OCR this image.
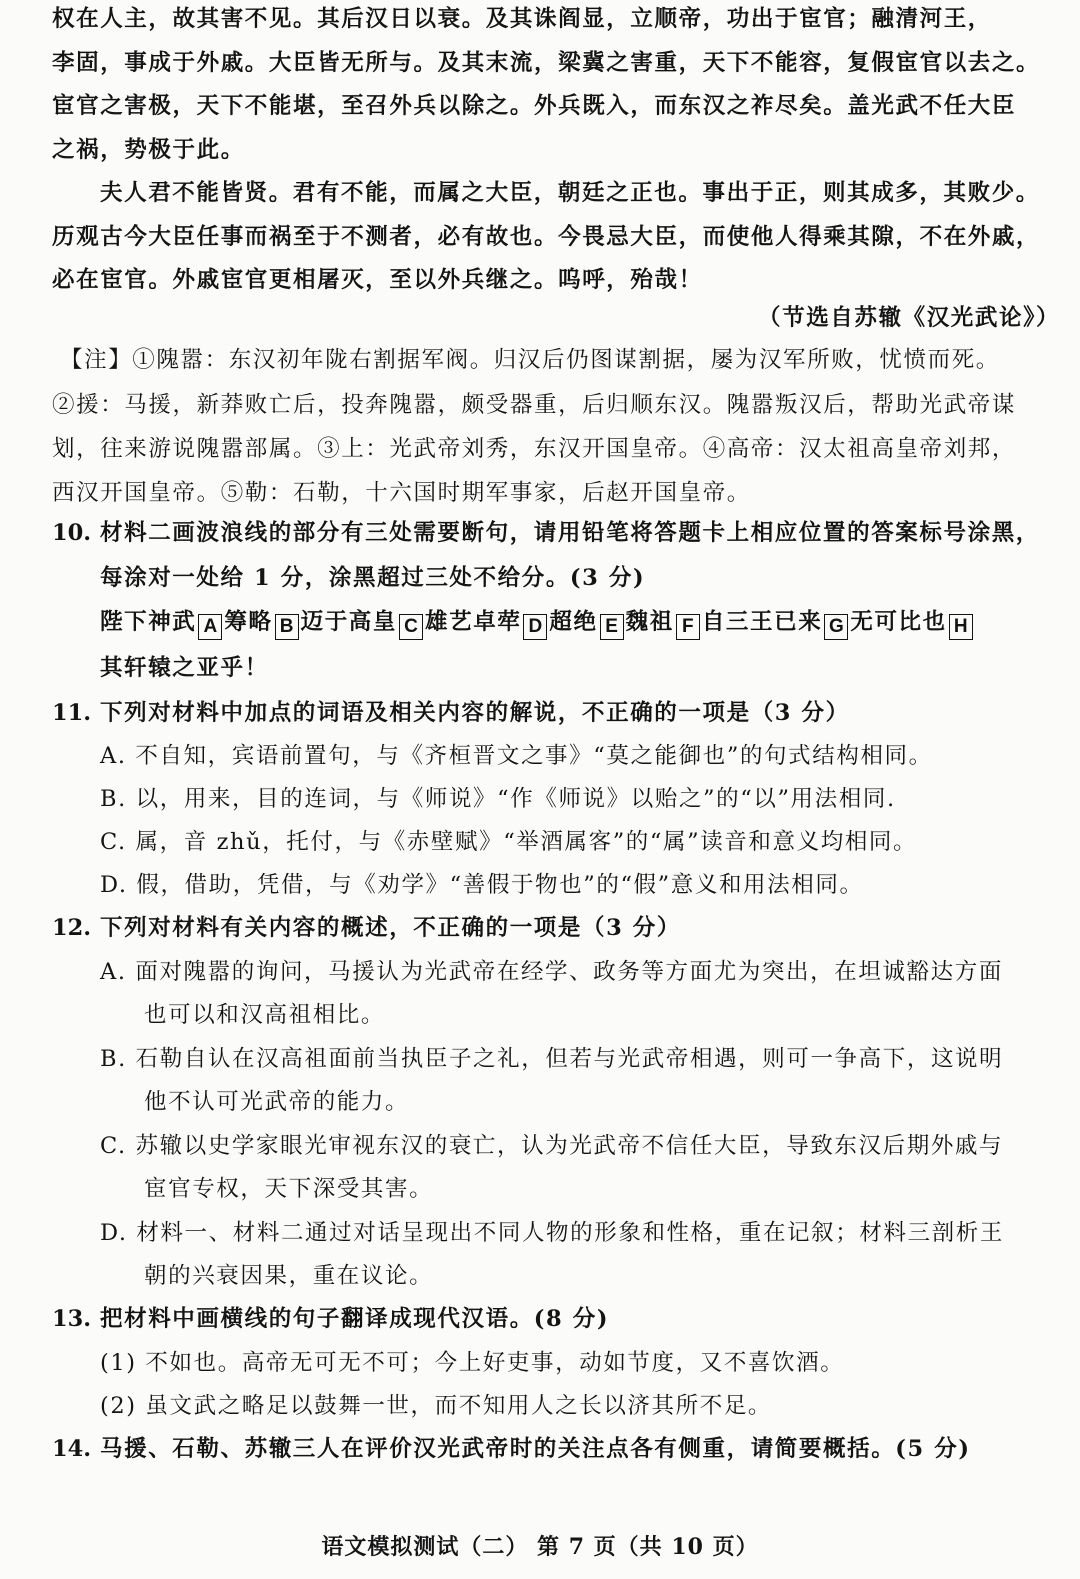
权在人主，故其害不见。其后汉日以衰。及其诛阎显，立顺帝，功出于宦官；融清河王，
李固，事成于外戚。大臣皆无所与。及其末流，梁冀之害重，天下不能容，复假宦官以去之。
宦官之害极，天下不能堪，至召外兵以除之。外兵既入，而东汉之祚尽矣。盖光武不任大臣
之祸，势极于此。
夫人君不能皆贤。君有不能，而属之大臣，朝廷之正也。事出于正，则其成多，其败少。
历观古今大臣任事而祸至于不测者，必有故也。今畏忌大臣，而使他人得乘其隙，不在外戚，
必在宦官。外戚宦官更相屠灭，至以外兵继之。呜呼，殆哉！
（节选自苏辙《汉光武论》）
【注】①隗嚣：东汉初年陇右割据军阀。归汉后仍图谋割据，屡为汉军所败，忧愤而死。
②援：马援，新莽败亡后，投奔隗嚣，颇受器重，后归顺东汉。隗嚣叛汉后，帮助光武帝谋
划，往来游说隗嚣部属。③上：光武帝刘秀，东汉开国皇帝。④高帝：汉太祖高皇帝刘邦，
西汉开国皇帝。⑤勒：石勒，十六国时期军事家，后赵开国皇帝。
10. 材料二画波浪线的部分有三处需要断句，请用铅笔将答题卡上相应位置的答案标号涂黑，
每涂对一处给 1 分，涂黑超过三处不给分。(3 分)
陛下神武 A 筹略 B 迈于高皇 C 雄艺卓荦 D 超绝 E 魏祖 F 自三王已来 G 无可比也 H
其轩辕之亚乎！
11. 下列对材料中加点的词语及相关内容的解说，不正确的一项是（3 分）
A. 不自知，宾语前置句，与《齐桓晋文之事》“莫之能御也”的句式结构相同。
B. 以，用来，目的连词，与《师说》“作《师说》以贻之”的“以”用法相同.
C. 属，音 zhǔ，托付，与《赤壁赋》“举酒属客”的“属”读音和意义均相同。
D. 假，借助，凭借，与《劝学》“善假于物也”的“假”意义和用法相同。
12. 下列对材料有关内容的概述，不正确的一项是（3 分）
A. 面对隗嚣的询问，马援认为光武帝在经学、政务等方面尤为突出，在坦诚豁达方面
也可以和汉高祖相比。
B. 石勒自认在汉高祖面前当执臣子之礼，但若与光武帝相遇，则可一争高下，这说明
他不认可光武帝的能力。
C. 苏辙以史学家眼光审视东汉的衰亡，认为光武帝不信任大臣，导致东汉后期外戚与
宦官专权，天下深受其害。
D. 材料一、材料二通过对话呈现出不同人物的形象和性格，重在记叙；材料三剖析王
朝的兴衰因果，重在议论。
13. 把材料中画横线的句子翻译成现代汉语。(8 分)
(1) 不如也。高帝无可无不可；今上好吏事，动如节度，又不喜饮酒。
(2) 虽文武之略足以鼓舞一世，而不知用人之长以济其所不足。
14. 马援、石勒、苏辙三人在评价汉光武帝时的关注点各有侧重，请简要概括。(5 分)
语文模拟测试（二） 第 7 页（共 10 页）
